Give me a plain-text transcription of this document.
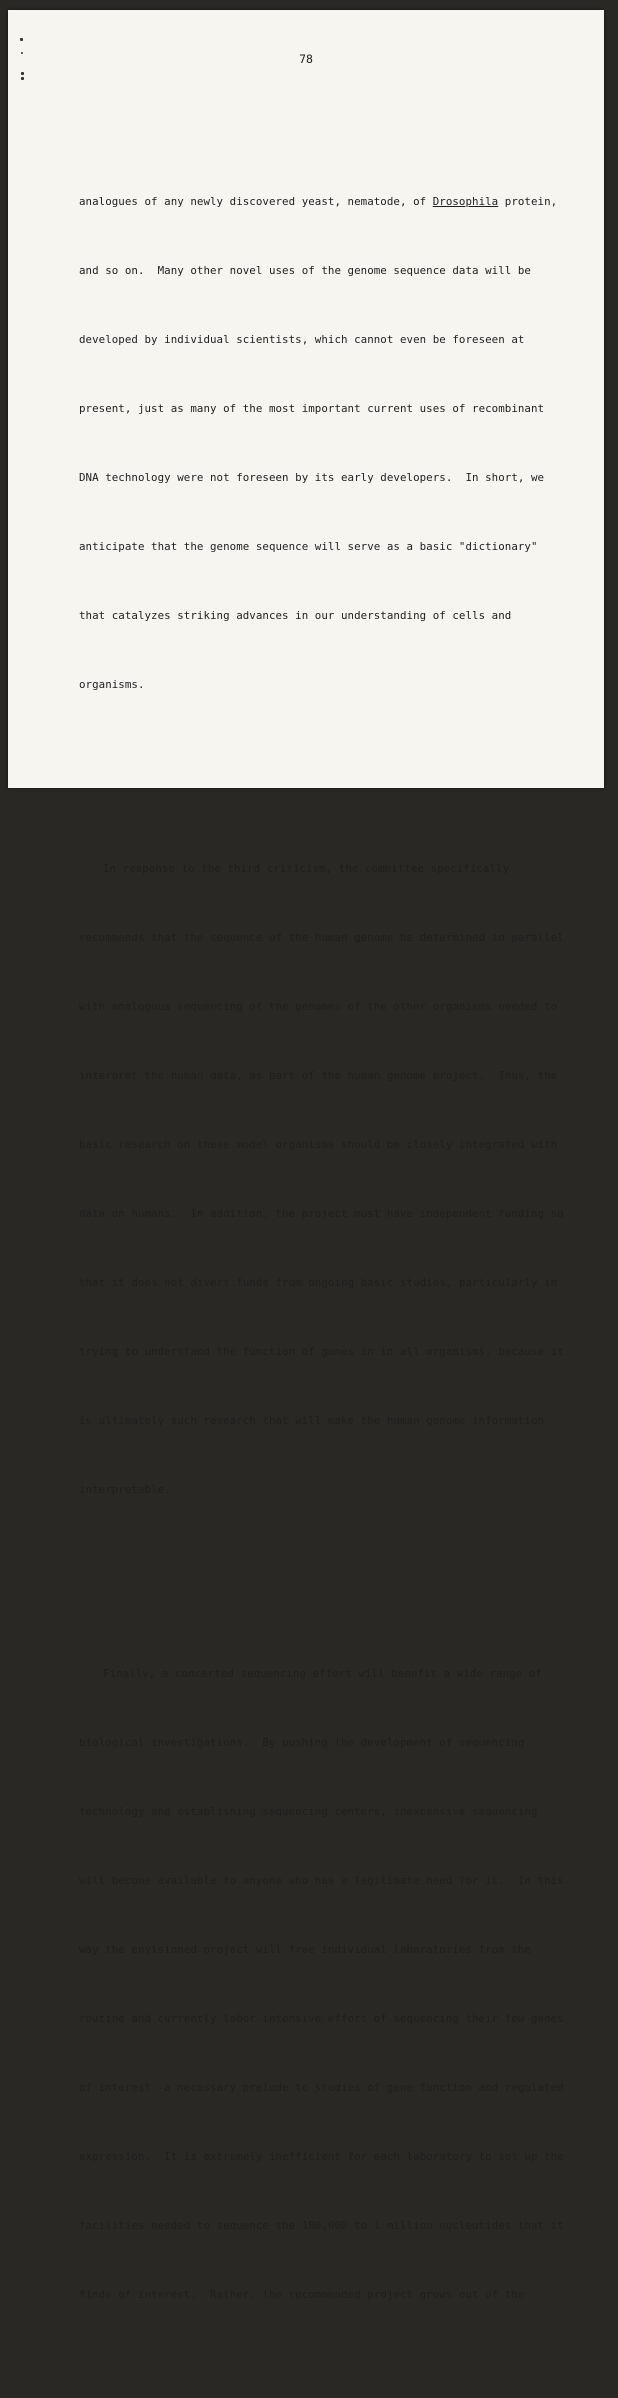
78

analogues of any newly discovered yeast, nematode, of Drosophila protein,

and so on.  Many other novel uses of the genome sequence data will be

developed by individual scientists, which cannot even be foreseen at

present, just as many of the most important current uses of recombinant

DNA technology were not foreseen by its early developers.  In short, we

anticipate that the genome sequence will serve as a basic "dictionary"

that catalyzes striking advances in our understanding of cells and

organisms.

In response to the third criticism, the committee specifically

recommends that the sequence of the human genome be determined in parallel

with analogous sequencing of the genomes of the other organisms needed to

interpret the human data, as part of the human genome project.  Thus, the

basic research on these model organisms should be closely integrated with

data on humans.  In addition, the project must have independent funding so

that it does not divert funds from ongoing basic studies, particularly in

trying to understand the function of genes in in all organisms, because it

is ultimately such research that will make the human genome information

interpretable.

Finally, a concerted sequencing effort will benefit a wide range of

biological investigations.  By pushing the development of sequencing

technology and establishing sequencing centers, inexpensive sequencing

will become available to anyone who has a legitimate need for it.  In this

way the envisioned project will free individual laboratories from the

routine and currently labor-intensive effort of sequencing their few genes

of interest--a necessary prelude to studies of gene function and regulated

expression.  It is extremely inefficient for each laboratory to set up the

facilities needed to sequence the 100,000 to 1 million nucleotides that it

finds of interest.  Rather, the recommended project grows out of the
